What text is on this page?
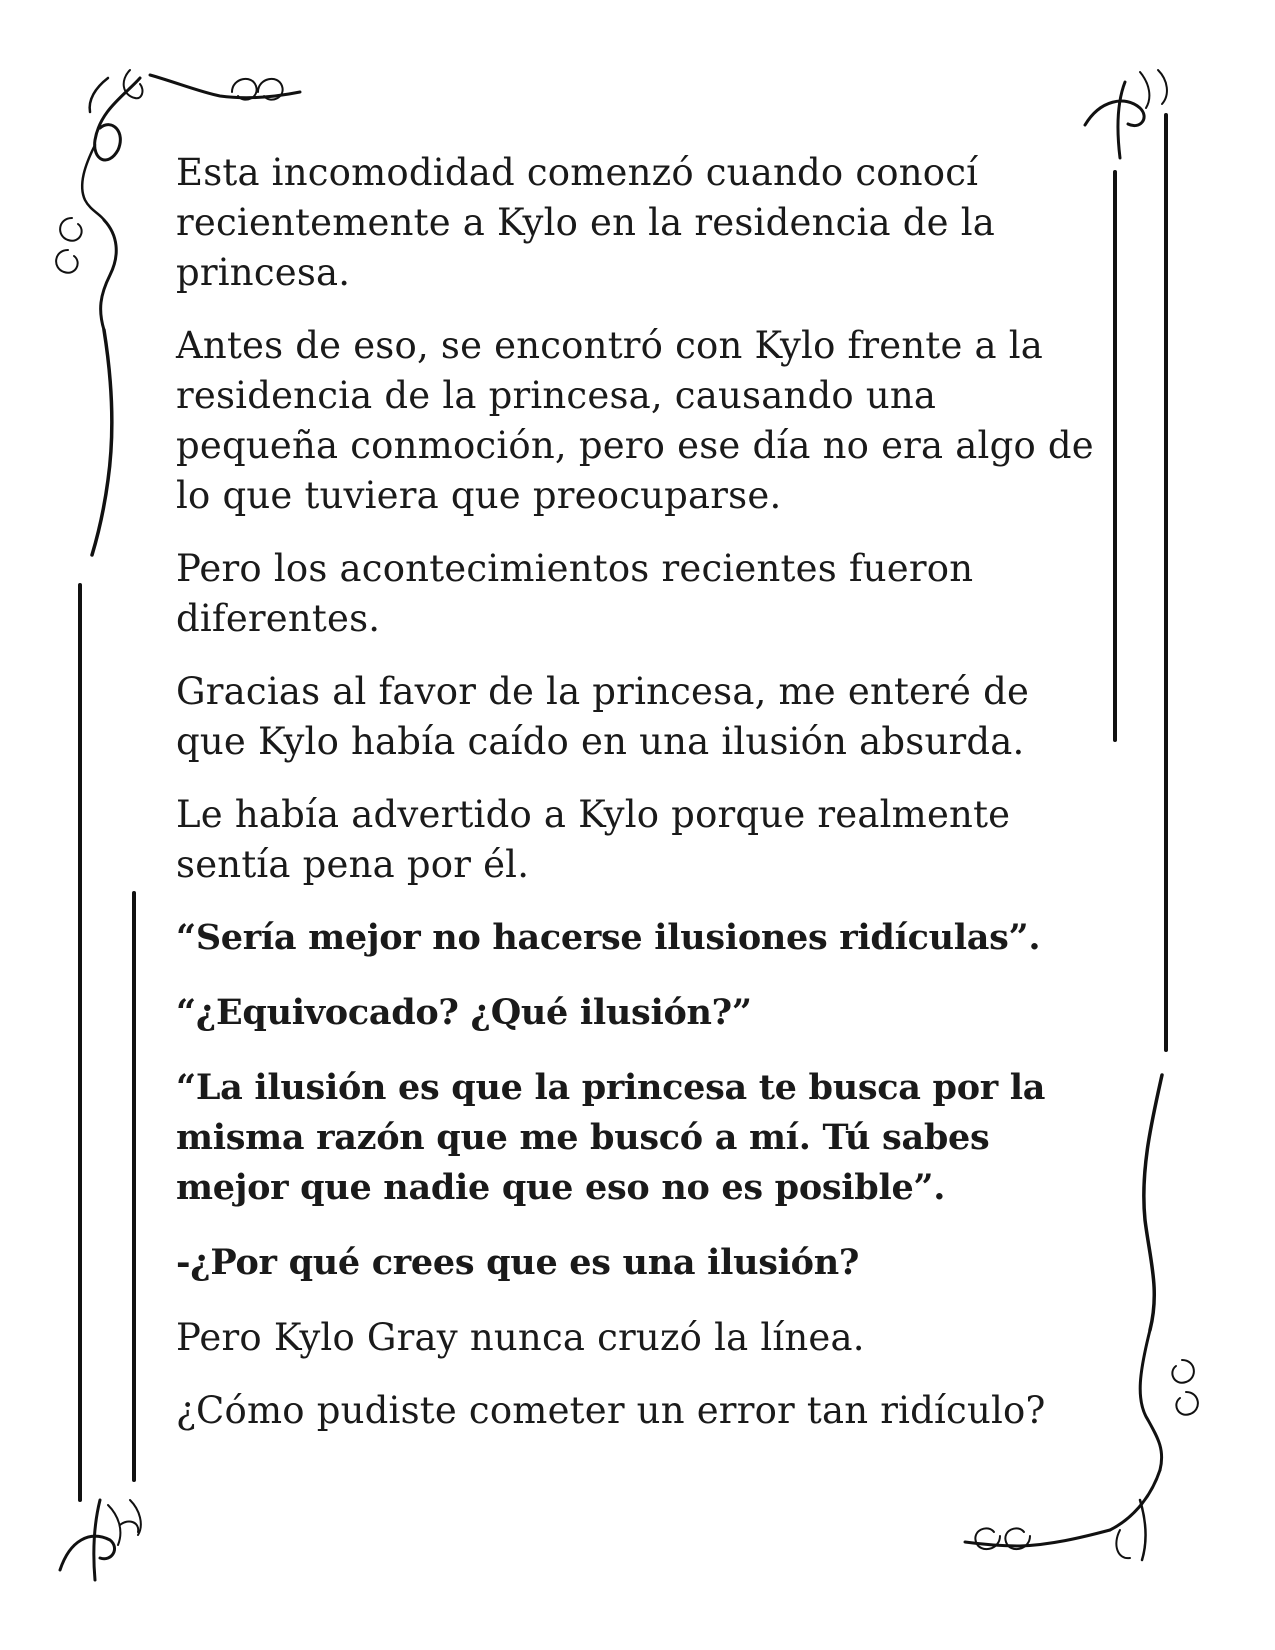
Esta incomodidad comenzó cuando conocí
recientemente a Kylo en la residencia de la
princesa.

Antes de eso, se encontró con Kylo frente a la
residencia de la princesa, causando una
pequeña conmoción, pero ese día no era algo de
lo que tuviera que preocuparse.

Pero los acontecimientos recientes fueron
diferentes.

Gracias al favor de la princesa, me enteré de
que Kylo había caído en una ilusión absurda.

Le había advertido a Kylo porque realmente
sentía pena por él.

“Sería mejor no hacerse ilusiones ridículas”.

“¿Equivocado? ¿Qué ilusión?”

“La ilusión es que la princesa te busca por la
misma razón que me buscó a mí. Tú sabes
mejor que nadie que eso no es posible”.

-¿Por qué crees que es una ilusión?

Pero Kylo Gray nunca cruzó la línea.

¿Cómo pudiste cometer un error tan ridículo?
